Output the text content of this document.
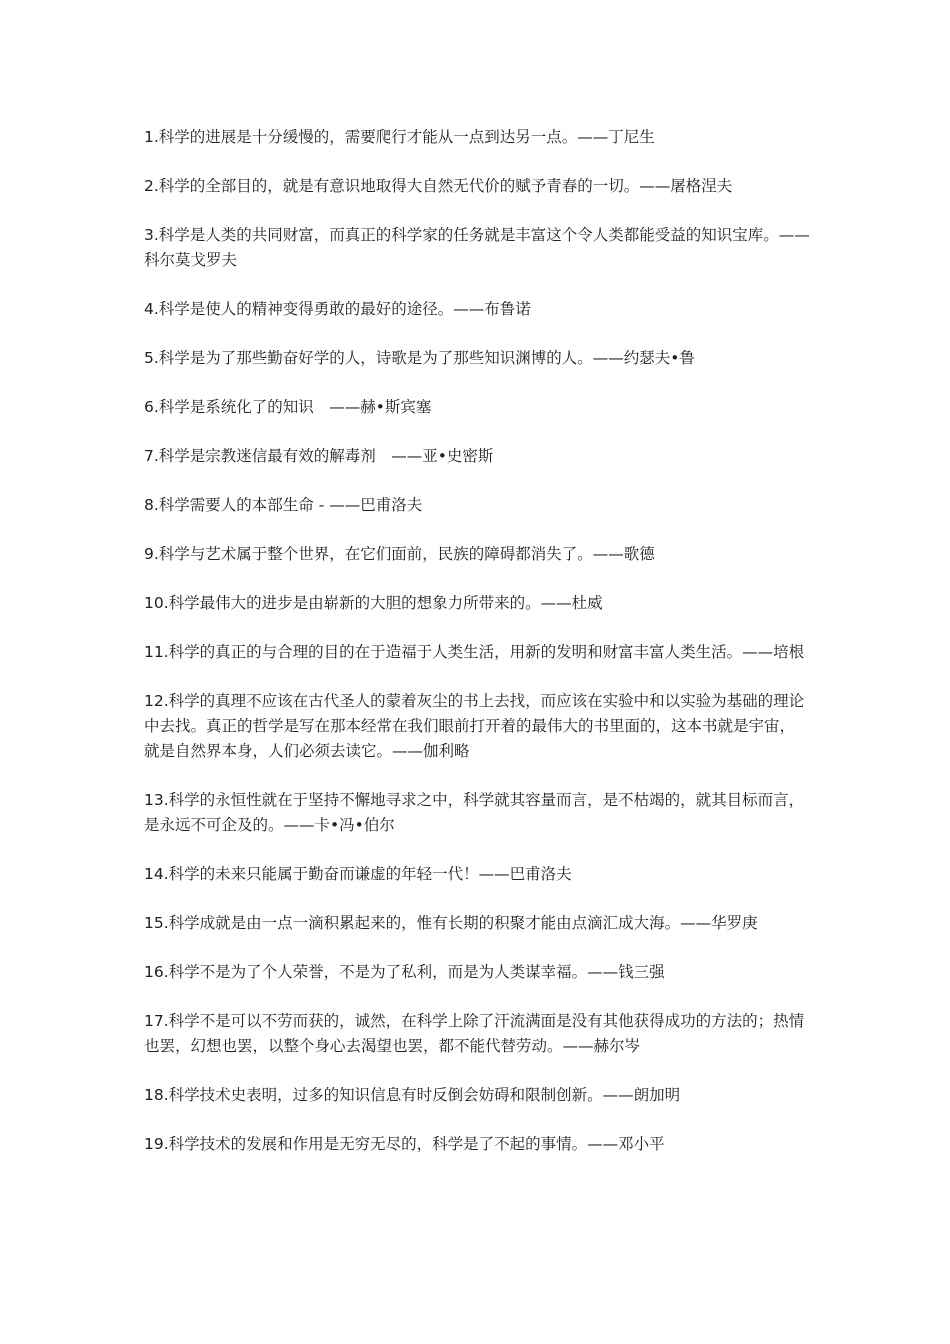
1.科学的进展是十分缓慢的，需要爬行才能从一点到达另一点。——丁尼生

2.科学的全部目的，就是有意识地取得大自然无代价的赋予青春的一切。——屠格涅夫

3.科学是人类的共同财富，而真正的科学家的任务就是丰富这个令人类都能受益的知识宝库。——科尔莫戈罗夫

4.科学是使人的精神变得勇敢的最好的途径。——布鲁诺

5.科学是为了那些勤奋好学的人，诗歌是为了那些知识渊博的人。——约瑟夫•鲁

6.科学是系统化了的知识　——赫•斯宾塞

7.科学是宗教迷信最有效的解毒剂　——亚•史密斯

8.科学需要人的本部生命 - ——巴甫洛夫

9.科学与艺术属于整个世界，在它们面前，民族的障碍都消失了。——歌德

10.科学最伟大的进步是由崭新的大胆的想象力所带来的。——杜威

11.科学的真正的与合理的目的在于造福于人类生活，用新的发明和财富丰富人类生活。——培根

12.科学的真理不应该在古代圣人的蒙着灰尘的书上去找，而应该在实验中和以实验为基础的理论中去找。真正的哲学是写在那本经常在我们眼前打开着的最伟大的书里面的，这本书就是宇宙，就是自然界本身，人们必须去读它。——伽利略

13.科学的永恒性就在于坚持不懈地寻求之中，科学就其容量而言，是不枯竭的，就其目标而言，是永远不可企及的。——卡•冯•伯尔

14.科学的未来只能属于勤奋而谦虚的年轻一代！——巴甫洛夫

15.科学成就是由一点一滴积累起来的，惟有长期的积聚才能由点滴汇成大海。——华罗庚

16.科学不是为了个人荣誉，不是为了私利，而是为人类谋幸福。——钱三强

17.科学不是可以不劳而获的，诚然，在科学上除了汗流满面是没有其他获得成功的方法的；热情也罢，幻想也罢，以整个身心去渴望也罢，都不能代替劳动。——赫尔岑

18.科学技术史表明，过多的知识信息有时反倒会妨碍和限制创新。——朗加明

19.科学技术的发展和作用是无穷无尽的，科学是了不起的事情。——邓小平
